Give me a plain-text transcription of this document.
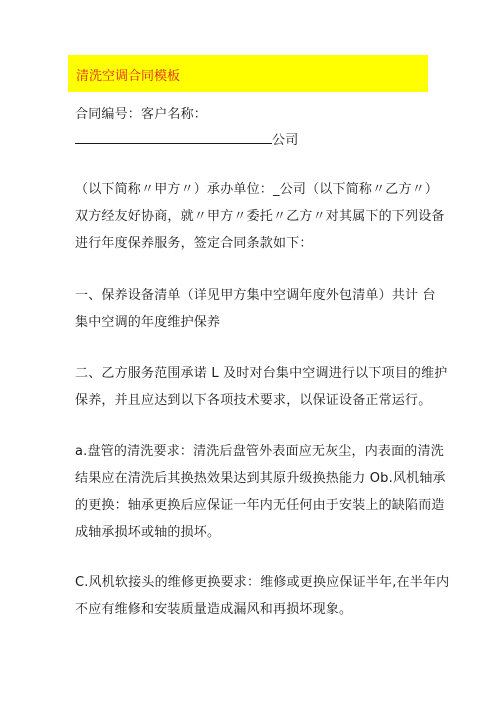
清洗空调合同模板
合同编号：客户名称：
公司
（以下简称〃甲方〃）承办单位：_公司（以下简称〃乙方〃）
双方经友好协商，就〃甲方〃委托〃乙方〃对其属下的下列设备
进行年度保养服务，签定合同条款如下：
一、保养设备清单（详见甲方集中空调年度外包清单）共计 台
集中空调的年度维护保养
二、乙方服务范围承诺 L 及时对台集中空调进行以下项目的维护
保养，并且应达到以下各项技术要求，以保证设备正常运行。
a.盘管的清洗要求：清洗后盘管外表面应无灰尘，内表面的清洗
结果应在清洗后其换热效果达到其原升级换热能力 Ob.风机轴承
的更换：轴承更换后应保证一年内无任何由于安装上的缺陷而造
成轴承损坏或轴的损坏。
C.风机软接头的维修更换要求：维修或更换应保证半年,在半年内
不应有维修和安装质量造成漏风和再损坏现象。
